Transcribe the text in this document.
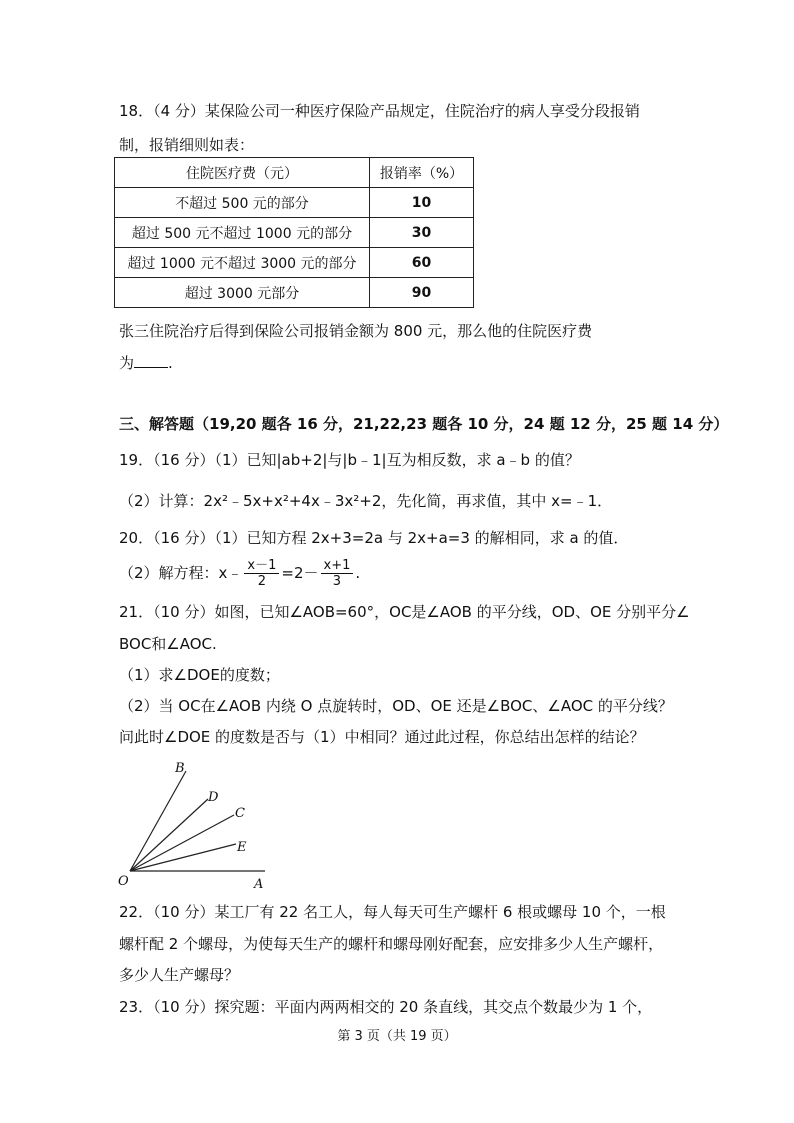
18．（4 分）某保险公司一种医疗保险产品规定，住院治疗的病人享受分段报销
制，报销细则如表：
住院医疗费（元）	报销率（%）
不超过 500 元的部分	10
超过 500 元不超过 1000 元的部分	30
超过 1000 元不超过 3000 元的部分	60
超过 3000 元部分	90
张三住院治疗后得到保险公司报销金额为 800 元，那么他的住院医疗费
为 .
三、解答题（19,20 题各 16 分，21,22,23 题各 10 分，24 题 12 分，25 题 14 分）
19．（16 分）（1）已知|ab+2|与|b﹣1|互为相反数，求 a﹣b 的值？
（2）计算：2x²﹣5x+x²+4x﹣3x²+2，先化简，再求值，其中 x=﹣1．
20．（16 分）（1）已知方程 2x+3=2a 与 2x+a=3 的解相同，求 a 的值．
（2）解方程：x﹣ $\frac{x-1}{2} =2- \frac{x+1}{3}$ .
21．（10 分）如图，已知∠AOB=60°，OC是∠AOB 的平分线，OD、OE 分别平分∠
BOC和∠AOC.
（1）求∠DOE的度数；
（2）当 OC在∠AOB 内绕 O 点旋转时，OD、OE 还是∠BOC、∠AOC 的平分线？
问此时∠DOE 的度数是否与（1）中相同？通过此过程，你总结出怎样的结论？
B
D
C
E
O	A
22．（10 分）某工厂有 22 名工人，每人每天可生产螺杆 6 根或螺母 10 个，一根
螺杆配 2 个螺母，为使每天生产的螺杆和螺母刚好配套，应安排多少人生产螺杆，
多少人生产螺母？
23．（10 分）探究题：平面内两两相交的 20 条直线，其交点个数最少为 1 个，
第 3 页（共 19 页）
